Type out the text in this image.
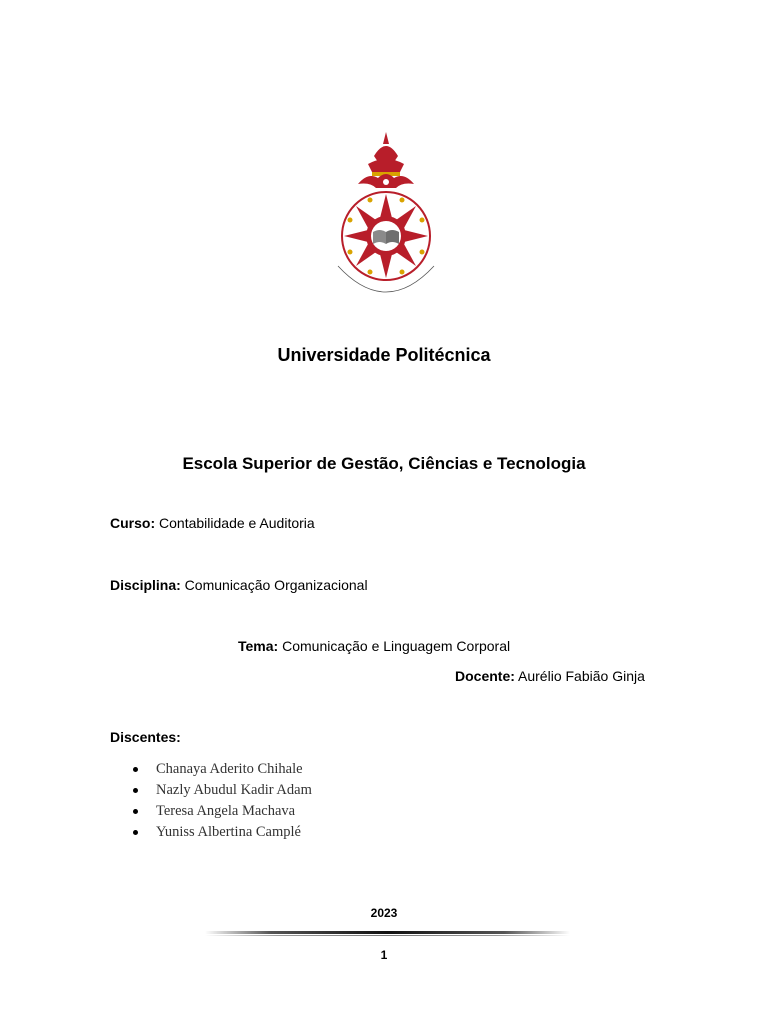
Universidade Politécnica
Escola Superior de Gestão, Ciências e Tecnologia
Curso: Contabilidade e Auditoria
Disciplina: Comunicação Organizacional
Tema: Comunicação e Linguagem Corporal
Docente: Aurélio Fabião Ginja
Discentes:
Chanaya Aderito Chihale
Nazly Abudul Kadir Adam
Teresa Angela Machava
Yuniss Albertina Camplé
2023
1
